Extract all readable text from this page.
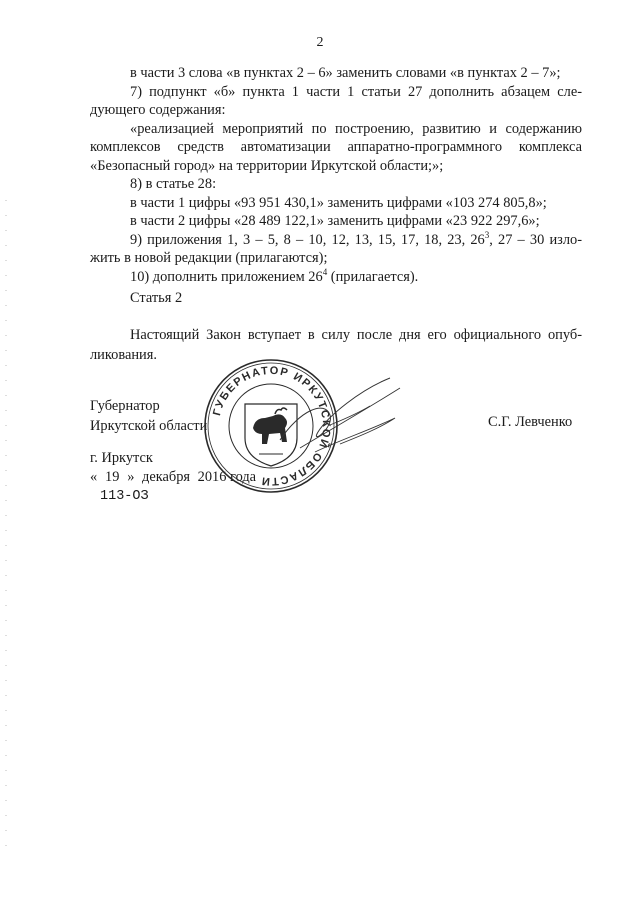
2

в части 3 слова «в пунктах 2 – 6» заменить словами «в пунктах 2 – 7»;

7) подпункт «б» пункта 1 части 1 статьи 27 дополнить абзацем сле-дующего содержания:

«реализацией мероприятий по построению, развитию и содержанию комплексов средств автоматизации аппаратно-программного комплекса «Безопасный город» на территории Иркутской области;»;

8) в статье 28:

в части 1 цифры «93 951 430,1» заменить цифрами «103 274 805,8»;

в части 2 цифры «28 489 122,1» заменить цифрами «23 922 297,6»;

9) приложения 1, 3 – 5, 8 – 10, 12, 13, 15, 17, 18, 23, $26^3$, 27 – 30 изло-жить в новой редакции (прилагаются);

10) дополнить приложением $26^4$ (прилагается).

Статья 2

Настоящий Закон вступает в силу после дня его официального опуб-ликования.

Губернатор
Иркутской области	С.Г. Левченко
г. Иркутск
« 19 » декабря 2016 года
113-ОЗ
ГУБЕРНАТОР ИРКУТСКОЙ ОБЛАСТИ
